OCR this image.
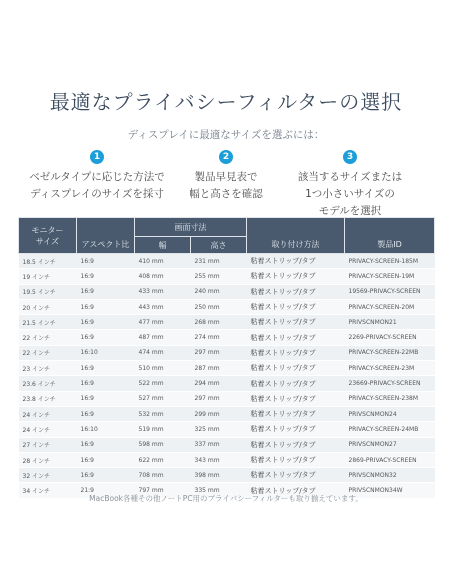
最適なプライバシーフィルターの選択
ディスプレイに最適なサイズを選ぶには：
1
ベゼルタイプに応じた方法で
ディスプレイのサイズを採寸
2
製品早見表で
幅と高さを確認
3
該当するサイズまたは
1つ小さいサイズの
モデルを選択
モニター
サイズ	アスペクト比	画面寸法		取り付け方法	製品ID
		幅	高さ		
18.5 インチ	16:9	410 mm	231 mm	粘着ストリップ/タブ	PRIVACY-SCREEN-185M
19 インチ	16:9	408 mm	255 mm	粘着ストリップ/タブ	PRIVACY-SCREEN-19M
19.5 インチ	16:9	433 mm	240 mm	粘着ストリップ/タブ	19569-PRIVACY-SCREEN
20 インチ	16:9	443 mm	250 mm	粘着ストリップ/タブ	PRIVACY-SCREEN-20M
21.5 インチ	16:9	477 mm	268 mm	粘着ストリップ/タブ	PRIVSCNMON21
22 インチ	16:9	487 mm	274 mm	粘着ストリップ/タブ	2269-PRIVACY-SCREEN
22 インチ	16:10	474 mm	297 mm	粘着ストリップ/タブ	PRIVACY-SCREEN-22MB
23 インチ	16:9	510 mm	287 mm	粘着ストリップ/タブ	PRIVACY-SCREEN-23M
23.6 インチ	16:9	522 mm	294 mm	粘着ストリップ/タブ	23669-PRIVACY-SCREEN
23.8 インチ	16:9	527 mm	297 mm	粘着ストリップ/タブ	PRIVACY-SCREEN-238M
24 インチ	16:9	532 mm	299 mm	粘着ストリップ/タブ	PRIVSCNMON24
24 インチ	16:10	519 mm	325 mm	粘着ストリップ/タブ	PRIVACY-SCREEN-24MB
27 インチ	16:9	598 mm	337 mm	粘着ストリップ/タブ	PRIVSCNMON27
28 インチ	16:9	622 mm	343 mm	粘着ストリップ/タブ	2869-PRIVACY-SCREEN
32 インチ	16:9	708 mm	398 mm	粘着ストリップ/タブ	PRIVSCNMON32
34 インチ	21:9	797 mm	335 mm	粘着ストリップ/タブ	PRIVSCNMON34W
MacBook各種その他ノートPC用のプライバシーフィルターも取り揃えています。
